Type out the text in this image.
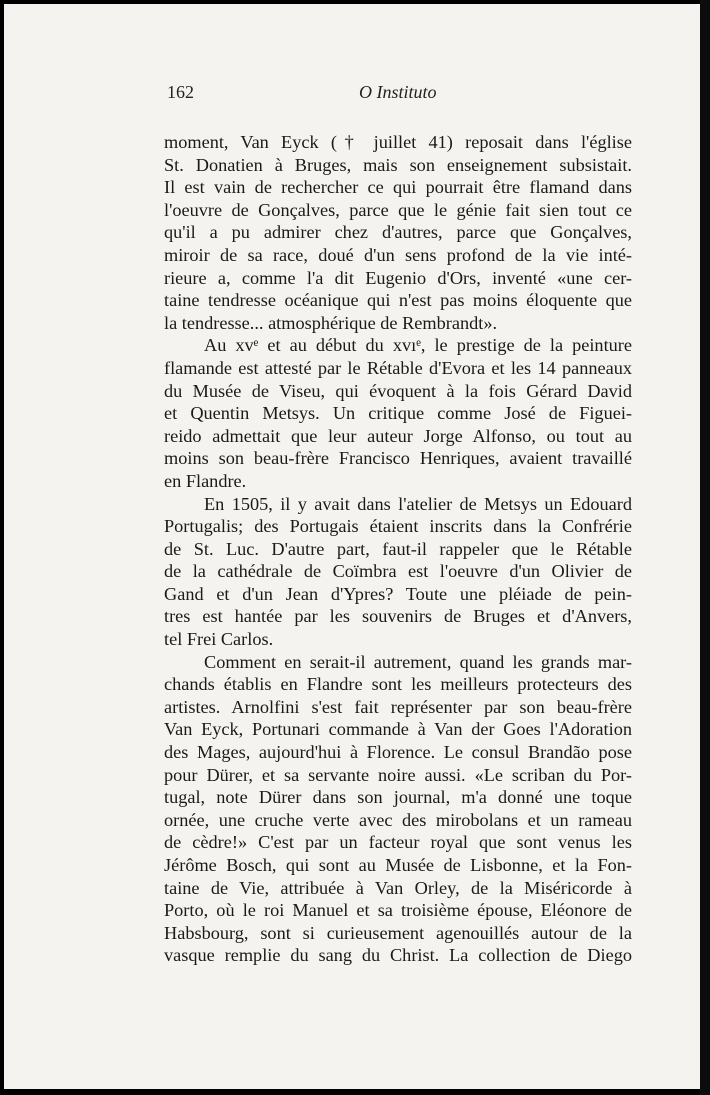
162	O Instituto

moment, Van Eyck († juillet 41) reposait dans l'église
St. Donatien à Bruges, mais son enseignement subsistait.
Il est vain de rechercher ce qui pourrait être flamand dans
l'oeuvre de Gonçalves, parce que le génie fait sien tout ce
qu'il a pu admirer chez d'autres, parce que Gonçalves,
miroir de sa race, doué d'un sens profond de la vie inté-
rieure a, comme l'a dit Eugenio d'Ors, inventé «une cer-
taine tendresse océanique qui n'est pas moins éloquente que
la tendresse... atmosphérique de Rembrandt».

Au xvᵉ et au début du xvıᵉ, le prestige de la peinture
flamande est attesté par le Rétable d'Evora et les 14 panneaux
du Musée de Viseu, qui évoquent à la fois Gérard David
et Quentin Metsys. Un critique comme José de Figuei-
reido admettait que leur auteur Jorge Alfonso, ou tout au
moins son beau-frère Francisco Henriques, avaient travaillé
en Flandre.

En 1505, il y avait dans l'atelier de Metsys un Edouard
Portugalis; des Portugais étaient inscrits dans la Confrérie
de St. Luc. D'autre part, faut-il rappeler que le Rétable
de la cathédrale de Coïmbra est l'oeuvre d'un Olivier de
Gand et d'un Jean d'Ypres? Toute une pléiade de pein-
tres est hantée par les souvenirs de Bruges et d'Anvers,
tel Frei Carlos.

Comment en serait-il autrement, quand les grands mar-
chands établis en Flandre sont les meilleurs protecteurs des
artistes. Arnolfini s'est fait représenter par son beau-frère
Van Eyck, Portunari commande à Van der Goes l'Adoration
des Mages, aujourd'hui à Florence. Le consul Brandão pose
pour Dürer, et sa servante noire aussi. «Le scriban du Por-
tugal, note Dürer dans son journal, m'a donné une toque
ornée, une cruche verte avec des mirobolans et un rameau
de cèdre!» C'est par un facteur royal que sont venus les
Jérôme Bosch, qui sont au Musée de Lisbonne, et la Fon-
taine de Vie, attribuée à Van Orley, de la Miséricorde à
Porto, où le roi Manuel et sa troisième épouse, Eléonore de
Habsbourg, sont si curieusement agenouillés autour de la
vasque remplie du sang du Christ. La collection de Diego
